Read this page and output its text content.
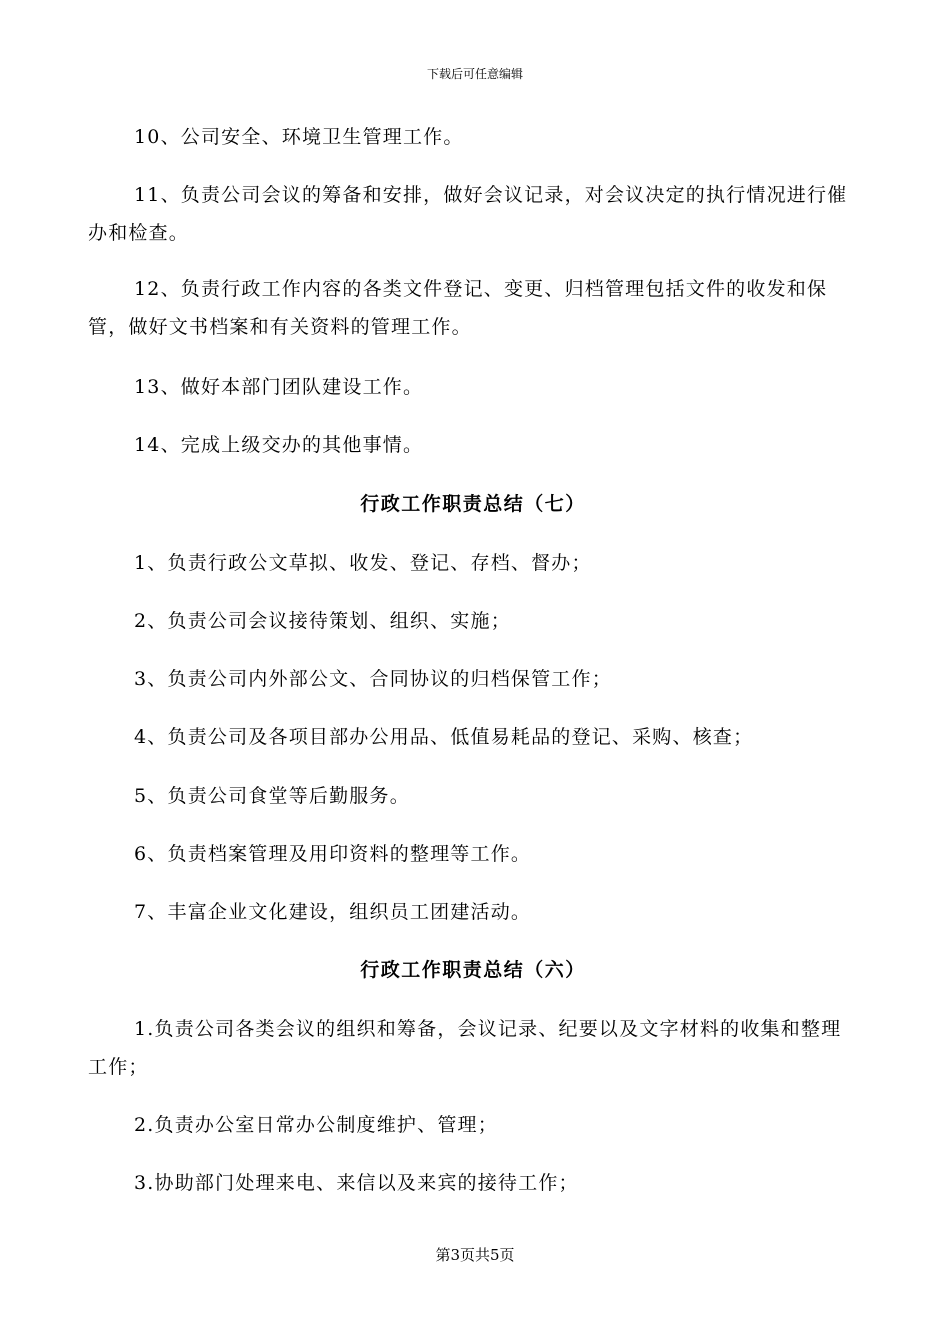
下载后可任意编辑

10、公司安全、环境卫生管理工作。

11、负责公司会议的筹备和安排，做好会议记录，对会议决定的执行情况进行催办和检查。

12、负责行政工作内容的各类文件登记、变更、归档管理包括文件的收发和保管，做好文书档案和有关资料的管理工作。

13、做好本部门团队建设工作。

14、完成上级交办的其他事情。

行政工作职责总结（七）

1、负责行政公文草拟、收发、登记、存档、督办；

2、负责公司会议接待策划、组织、实施；

3、负责公司内外部公文、合同协议的归档保管工作；

4、负责公司及各项目部办公用品、低值易耗品的登记、采购、核查；

5、负责公司食堂等后勤服务。

6、负责档案管理及用印资料的整理等工作。

7、丰富企业文化建设，组织员工团建活动。

行政工作职责总结（六）

1.负责公司各类会议的组织和筹备，会议记录、纪要以及文字材料的收集和整理工作；

2.负责办公室日常办公制度维护、管理；

3.协助部门处理来电、来信以及来宾的接待工作；

第3页共5页
